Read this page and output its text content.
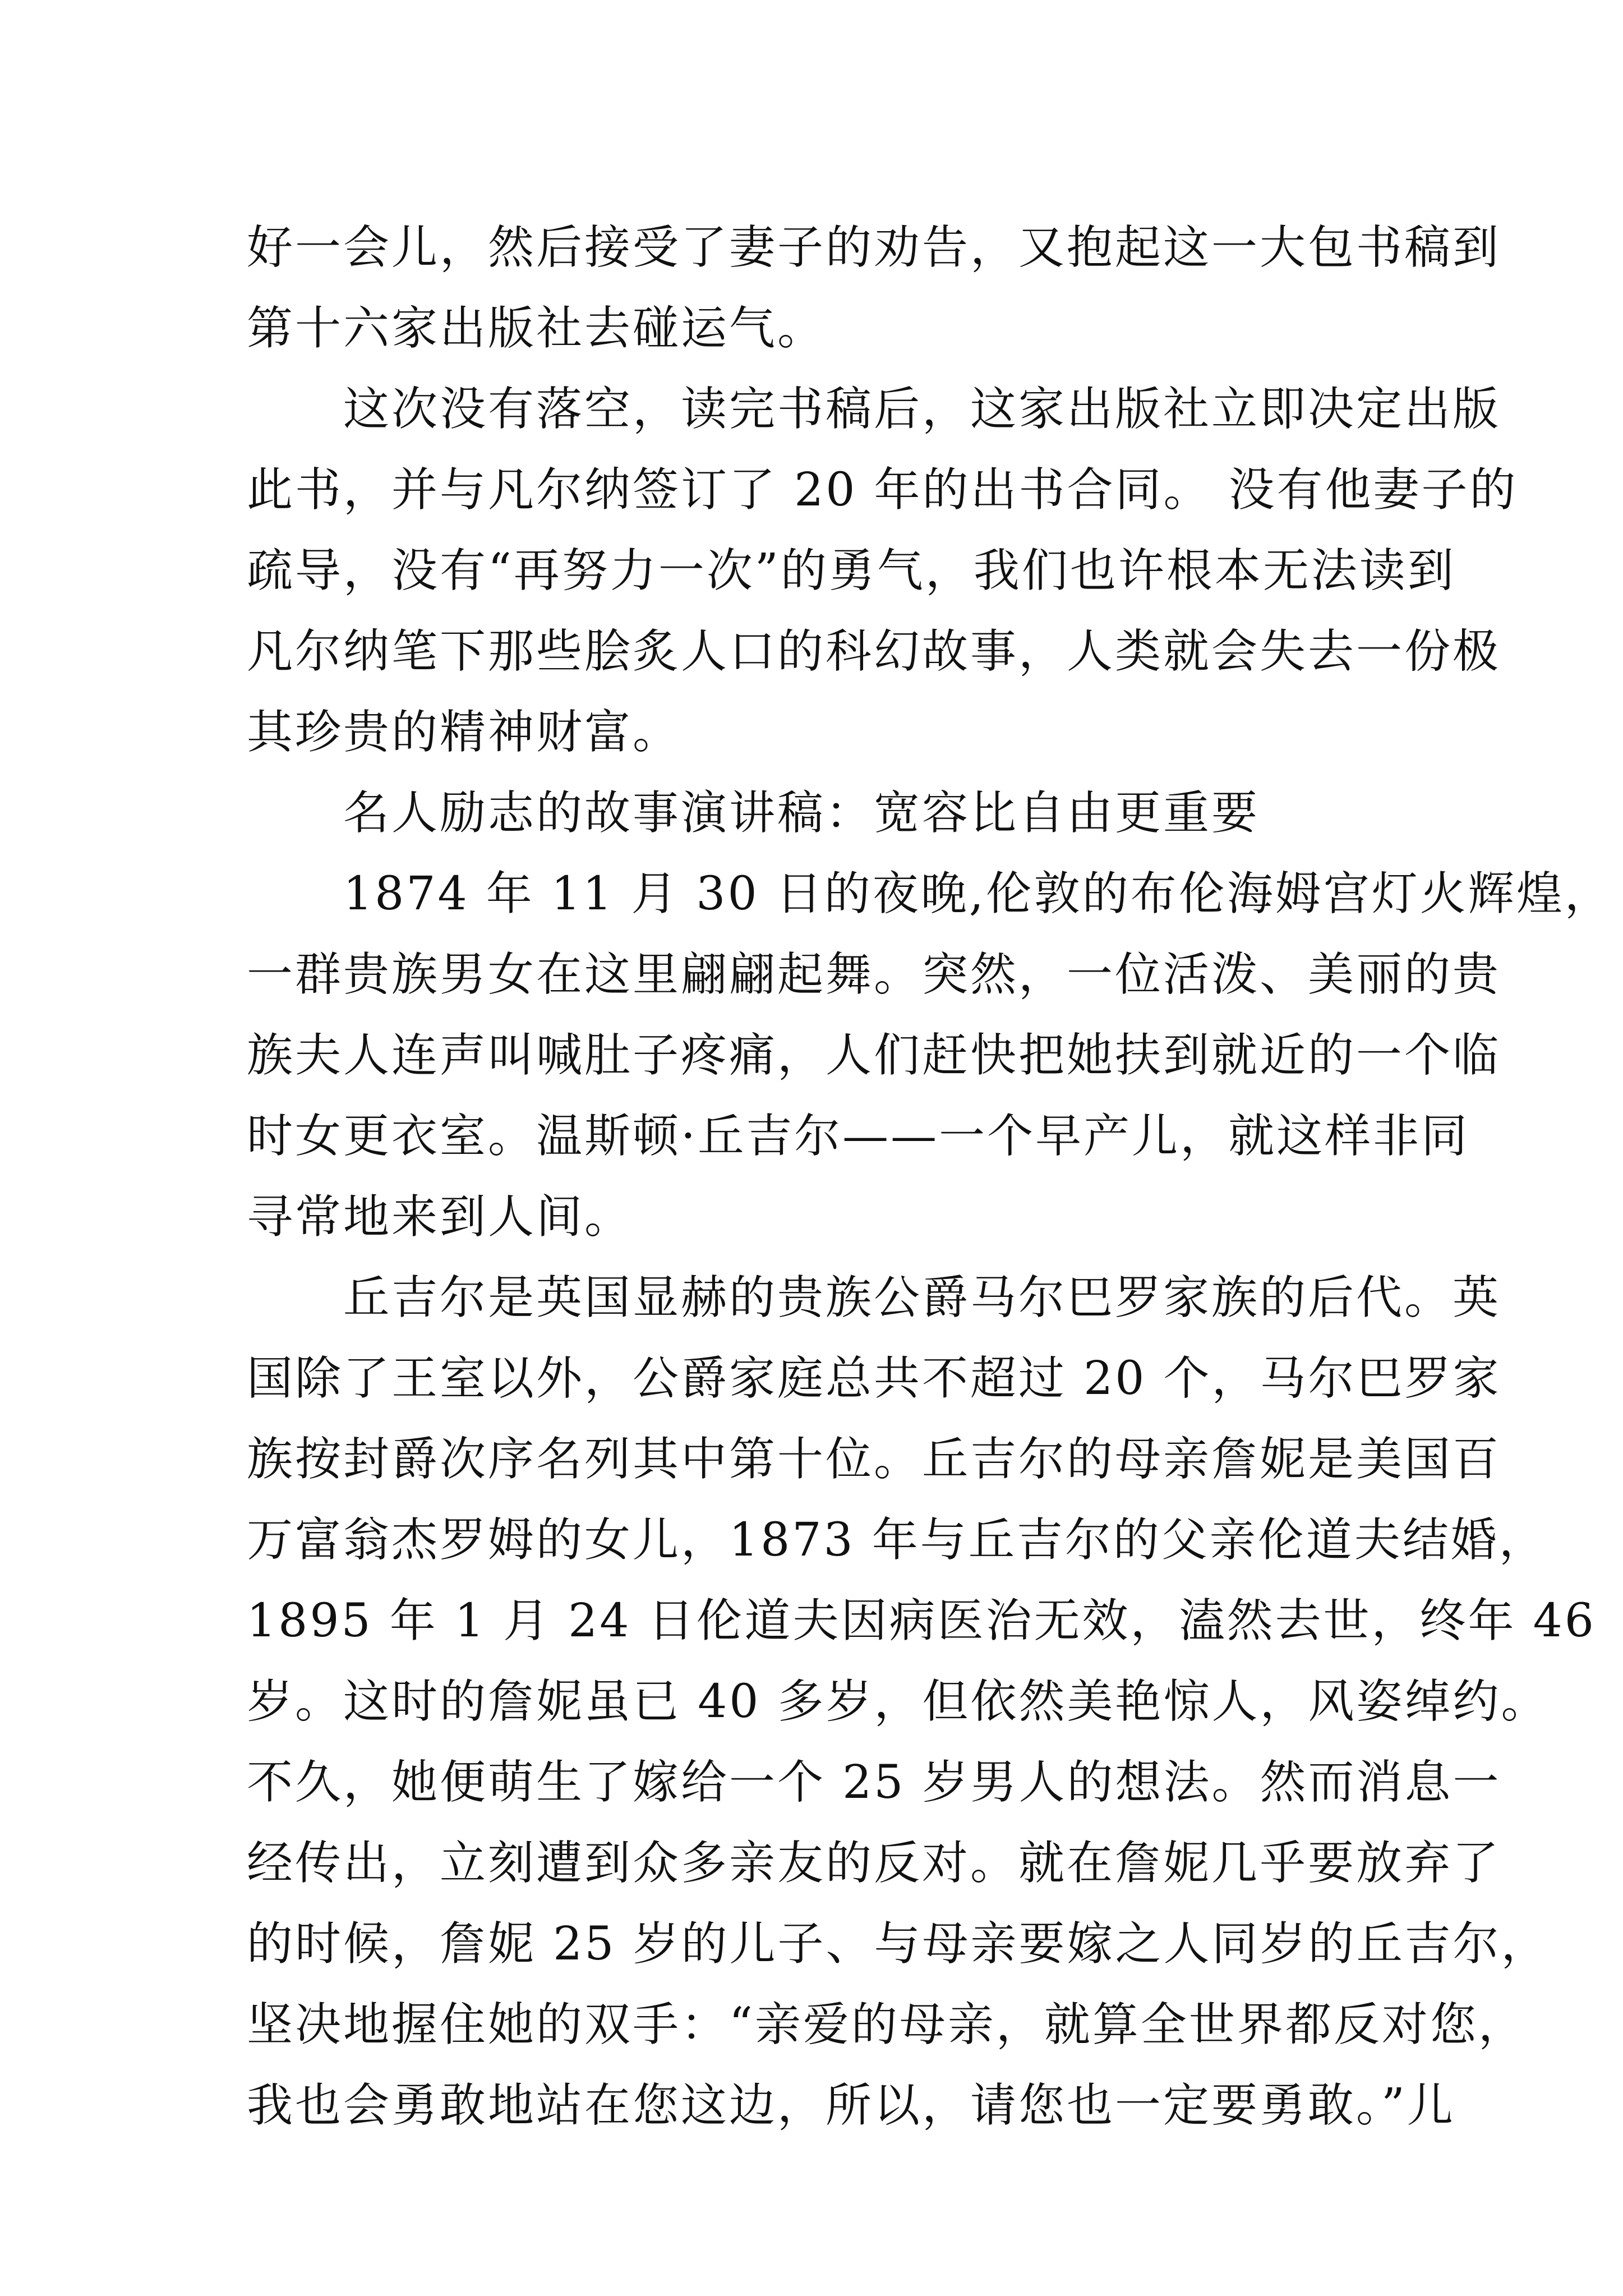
好一会儿，然后接受了妻子的劝告，又抱起这一大包书稿到
第十六家出版社去碰运气。
　　这次没有落空，读完书稿后，这家出版社立即决定出版
此书，并与凡尔纳签订了 20 年的出书合同。 没有他妻子的
疏导，没有“再努力一次”的勇气，我们也许根本无法读到
凡尔纳笔下那些脍炙人口的科幻故事，人类就会失去一份极
其珍贵的精神财富。
　　名人励志的故事演讲稿：宽容比自由更重要
　　1874 年 11 月 30 日的夜晚,伦敦的布伦海姆宫灯火辉煌，
一群贵族男女在这里翩翩起舞。突然，一位活泼、美丽的贵
族夫人连声叫喊肚子疼痛，人们赶快把她扶到就近的一个临
时女更衣室。温斯顿·丘吉尔——一个早产儿，就这样非同
寻常地来到人间。
　　丘吉尔是英国显赫的贵族公爵马尔巴罗家族的后代。英
国除了王室以外，公爵家庭总共不超过 20 个，马尔巴罗家
族按封爵次序名列其中第十位。丘吉尔的母亲詹妮是美国百
万富翁杰罗姆的女儿，1873 年与丘吉尔的父亲伦道夫结婚，
1895 年 1 月 24 日伦道夫因病医治无效，溘然去世，终年 46
岁。这时的詹妮虽已 40 多岁，但依然美艳惊人，风姿绰约。
不久，她便萌生了嫁给一个 25 岁男人的想法。然而消息一
经传出，立刻遭到众多亲友的反对。就在詹妮几乎要放弃了
的时候，詹妮 25 岁的儿子、与母亲要嫁之人同岁的丘吉尔，
坚决地握住她的双手：“亲爱的母亲，就算全世界都反对您，
我也会勇敢地站在您这边，所以，请您也一定要勇敢。”儿
